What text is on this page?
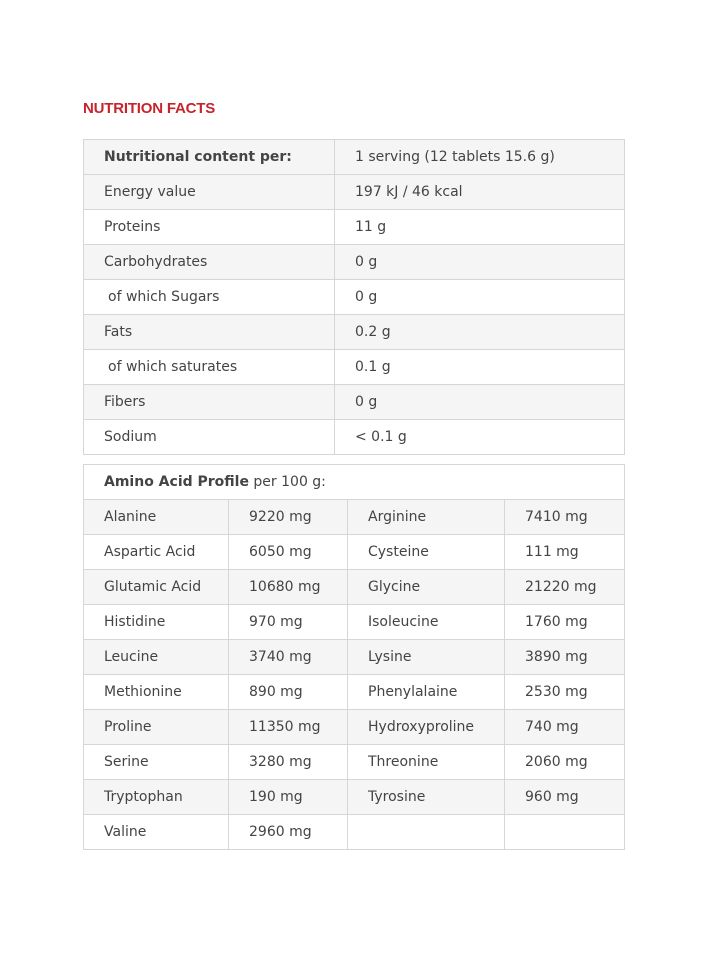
NUTRITION FACTS
Nutritional content per:	1 serving (12 tablets 15.6 g)
Energy value	197 kJ / 46 kcal
Proteins	11 g
Carbohydrates	0 g
of which Sugars	0 g
Fats	0.2 g
of which saturates	0.1 g
Fibers	0 g
Sodium	< 0.1 g
Amino Acid Profile per 100 g:			
Alanine	9220 mg	Arginine	7410 mg
Aspartic Acid	6050 mg	Cysteine	111 mg
Glutamic Acid	10680 mg	Glycine	21220 mg
Histidine	970 mg	Isoleucine	1760 mg
Leucine	3740 mg	Lysine	3890 mg
Methionine	890 mg	Phenylalaine	2530 mg
Proline	11350 mg	Hydroxyproline	740 mg
Serine	3280 mg	Threonine	2060 mg
Tryptophan	190 mg	Tyrosine	960 mg
Valine	2960 mg		
